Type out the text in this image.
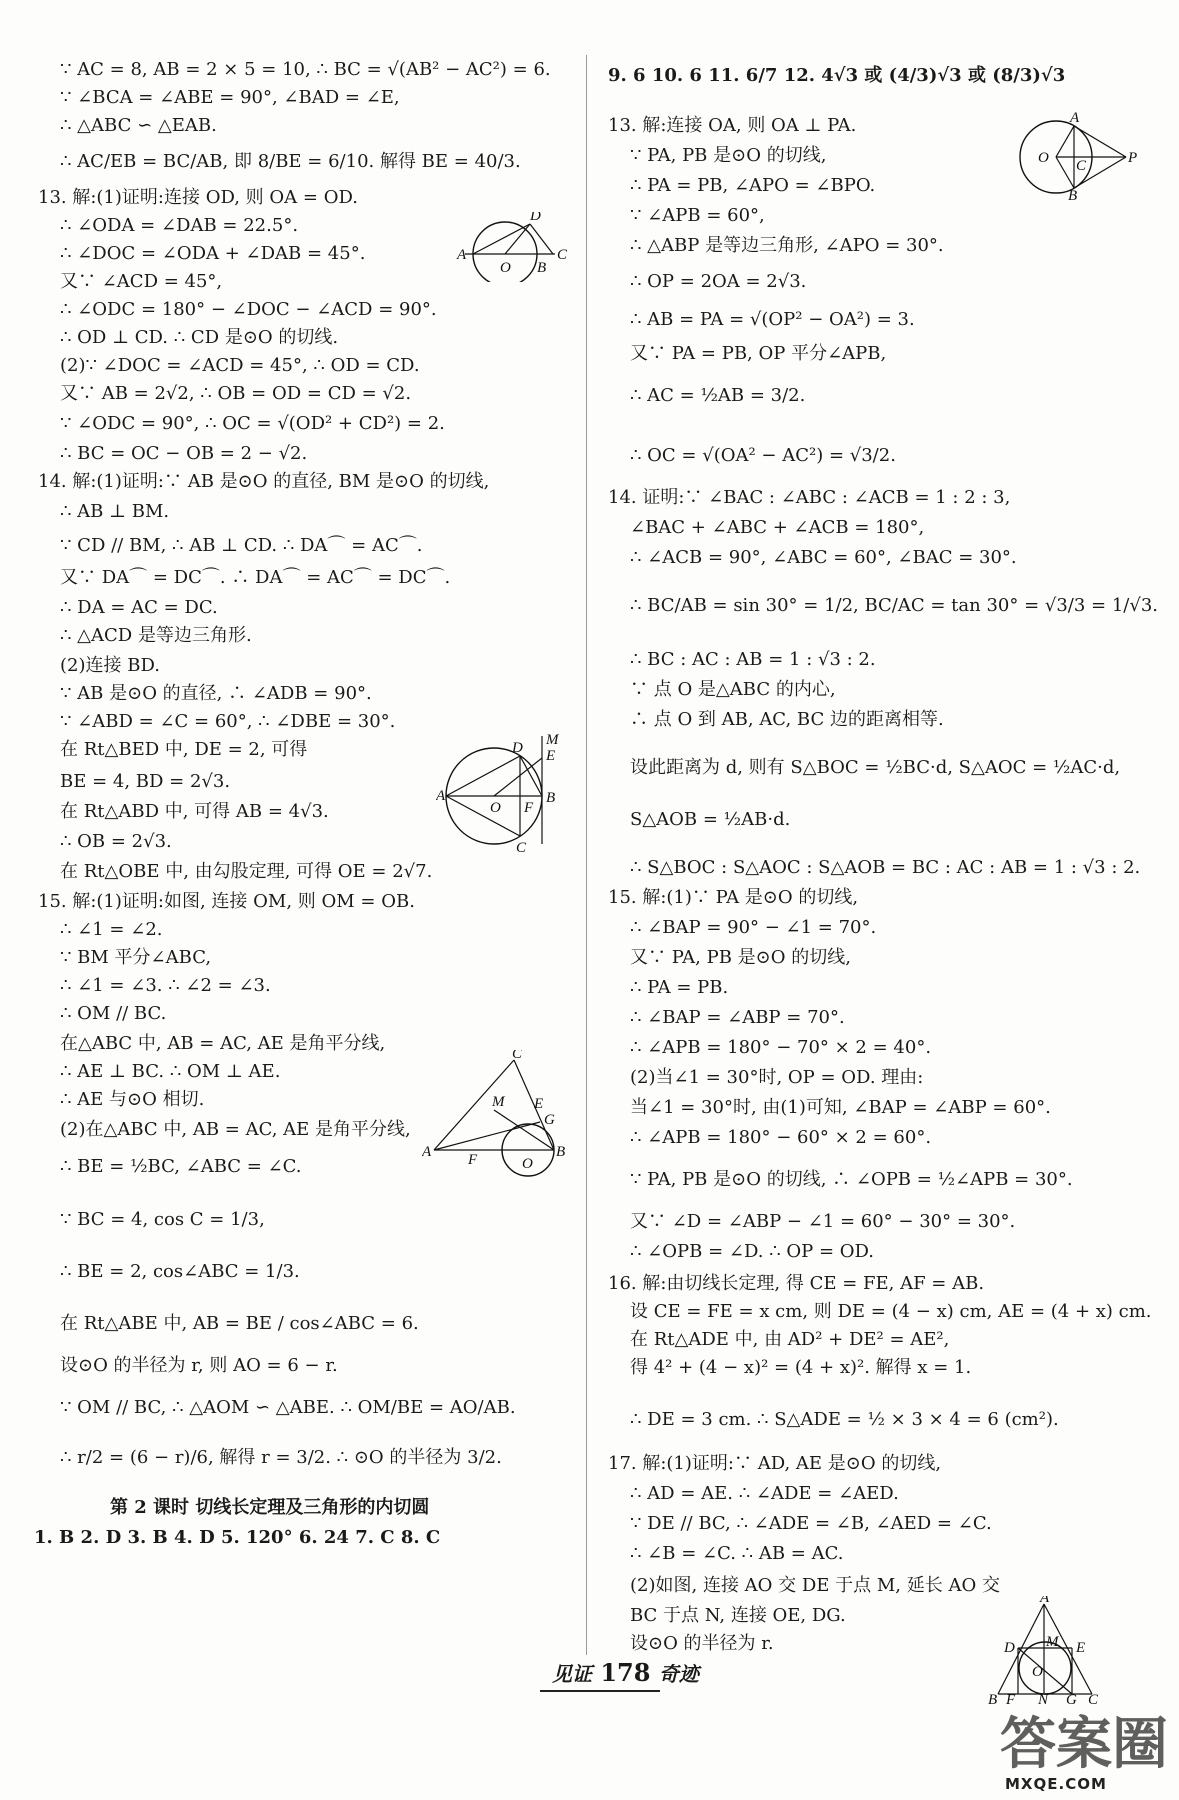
∵ AC = 8, AB = 2 × 5 = 10, ∴ BC = √(AB² − AC²) = 6.
∵ ∠BCA = ∠ABE = 90°, ∠BAD = ∠E,
∴ △ABC ∽ △EAB.
∴ AC/EB = BC/AB, 即 8/BE = 6/10. 解得 BE = 40/3.
13. 解:(1)证明:连接 OD, 则 OA = OD.
∴ ∠ODA = ∠DAB = 22.5°.
∴ ∠DOC = ∠ODA + ∠DAB = 45°.
又∵ ∠ACD = 45°,
∴ ∠ODC = 180° − ∠DOC − ∠ACD = 90°.
∴ OD ⊥ CD. ∴ CD 是⊙O 的切线.
(2)∵ ∠DOC = ∠ACD = 45°, ∴ OD = CD.
又∵ AB = 2√2, ∴ OB = OD = CD = √2.
∵ ∠ODC = 90°, ∴ OC = √(OD² + CD²) = 2.
∴ BC = OC − OB = 2 − √2.
14. 解:(1)证明:∵ AB 是⊙O 的直径, BM 是⊙O 的切线,
∴ AB ⊥ BM.
∵ CD // BM, ∴ AB ⊥ CD. ∴ DA⌒ = AC⌒.
又∵ DA⌒ = DC⌒. ∴ DA⌒ = AC⌒ = DC⌒.
∴ DA = AC = DC.
∴ △ACD 是等边三角形.
(2)连接 BD.
∵ AB 是⊙O 的直径, ∴ ∠ADB = 90°.
∵ ∠ABD = ∠C = 60°, ∴ ∠DBE = 30°.
在 Rt△BED 中, DE = 2, 可得
BE = 4, BD = 2√3.
在 Rt△ABD 中, 可得 AB = 4√3.
∴ OB = 2√3.
在 Rt△OBE 中, 由勾股定理, 可得 OE = 2√7.
15. 解:(1)证明:如图, 连接 OM, 则 OM = OB.
∴ ∠1 = ∠2.
∵ BM 平分∠ABC,
∴ ∠1 = ∠3. ∴ ∠2 = ∠3.
∴ OM // BC.
在△ABC 中, AB = AC, AE 是角平分线,
∴ AE ⊥ BC. ∴ OM ⊥ AE.
∴ AE 与⊙O 相切.
(2)在△ABC 中, AB = AC, AE 是角平分线,
∴ BE = ½BC, ∠ABC = ∠C.
∵ BC = 4, cos C = 1/3,
∴ BE = 2, cos∠ABC = 1/3.
在 Rt△ABE 中, AB = BE / cos∠ABC = 6.
设⊙O 的半径为 r, 则 AO = 6 − r.
∵ OM // BC, ∴ △AOM ∽ △ABE. ∴ OM/BE = AO/AB.
∴ r/2 = (6 − r)/6, 解得 r = 3/2. ∴ ⊙O 的半径为 3/2.
第 2 课时 切线长定理及三角形的内切圆
1. B 2. D 3. B 4. D 5. 120° 6. 24 7. C 8. C
D
A
O B
C
M
D E
A
O F
B
C
C
M E
G
A F	O
B
9. 6 10. 6 11. 6/7 12. 4√3 或 (4/3)√3 或 (8/3)√3
13. 解:连接 OA, 则 OA ⊥ PA.
∵ PA, PB 是⊙O 的切线,
∴ PA = PB, ∠APO = ∠BPO.
∵ ∠APB = 60°,
∴ △ABP 是等边三角形, ∠APO = 30°.
∴ OP = 2OA = 2√3.
∴ AB = PA = √(OP² − OA²) = 3.
又∵ PA = PB, OP 平分∠APB,
∴ AC = ½AB = 3/2.
∴ OC = √(OA² − AC²) = √3/2.
14. 证明:∵ ∠BAC : ∠ABC : ∠ACB = 1 : 2 : 3,
∠BAC + ∠ABC + ∠ACB = 180°,
∴ ∠ACB = 90°, ∠ABC = 60°, ∠BAC = 30°.
∴ BC/AB = sin 30° = 1/2, BC/AC = tan 30° = √3/3 = 1/√3.
∴ BC : AC : AB = 1 : √3 : 2.
∵ 点 O 是△ABC 的内心,
∴ 点 O 到 AB, AC, BC 边的距离相等.
设此距离为 d, 则有 S△BOC = ½BC·d, S△AOC = ½AC·d,
S△AOB = ½AB·d.
∴ S△BOC : S△AOC : S△AOB = BC : AC : AB = 1 : √3 : 2.
15. 解:(1)∵ PA 是⊙O 的切线,
∴ ∠BAP = 90° − ∠1 = 70°.
又∵ PA, PB 是⊙O 的切线,
∴ PA = PB.
∴ ∠BAP = ∠ABP = 70°.
∴ ∠APB = 180° − 70° × 2 = 40°.
(2)当∠1 = 30°时, OP = OD. 理由:
当∠1 = 30°时, 由(1)可知, ∠BAP = ∠ABP = 60°.
∴ ∠APB = 180° − 60° × 2 = 60°.
∵ PA, PB 是⊙O 的切线, ∴ ∠OPB = ½∠APB = 30°.
又∵ ∠D = ∠ABP − ∠1 = 60° − 30° = 30°.
∴ ∠OPB = ∠D. ∴ OP = OD.
16. 解:由切线长定理, 得 CE = FE, AF = AB.
设 CE = FE = x cm, 则 DE = (4 − x) cm, AE = (4 + x) cm.
在 Rt△ADE 中, 由 AD² + DE² = AE²,
得 4² + (4 − x)² = (4 + x)². 解得 x = 1.
∴ DE = 3 cm. ∴ S△ADE = ½ × 3 × 4 = 6 (cm²).
17. 解:(1)证明:∵ AD, AE 是⊙O 的切线,
∴ AD = AE. ∴ ∠ADE = ∠AED.
∵ DE // BC, ∴ ∠ADE = ∠B, ∠AED = ∠C.
∴ ∠B = ∠C. ∴ AB = AC.
(2)如图, 连接 AO 交 DE 于点 M, 延长 AO 交
BC 于点 N, 连接 OE, DG.
设⊙O 的半径为 r.
A
O C	P
B
A
D M E
O
B F N G C
见证 178 奇迹
答案圈
MXQE.COM
